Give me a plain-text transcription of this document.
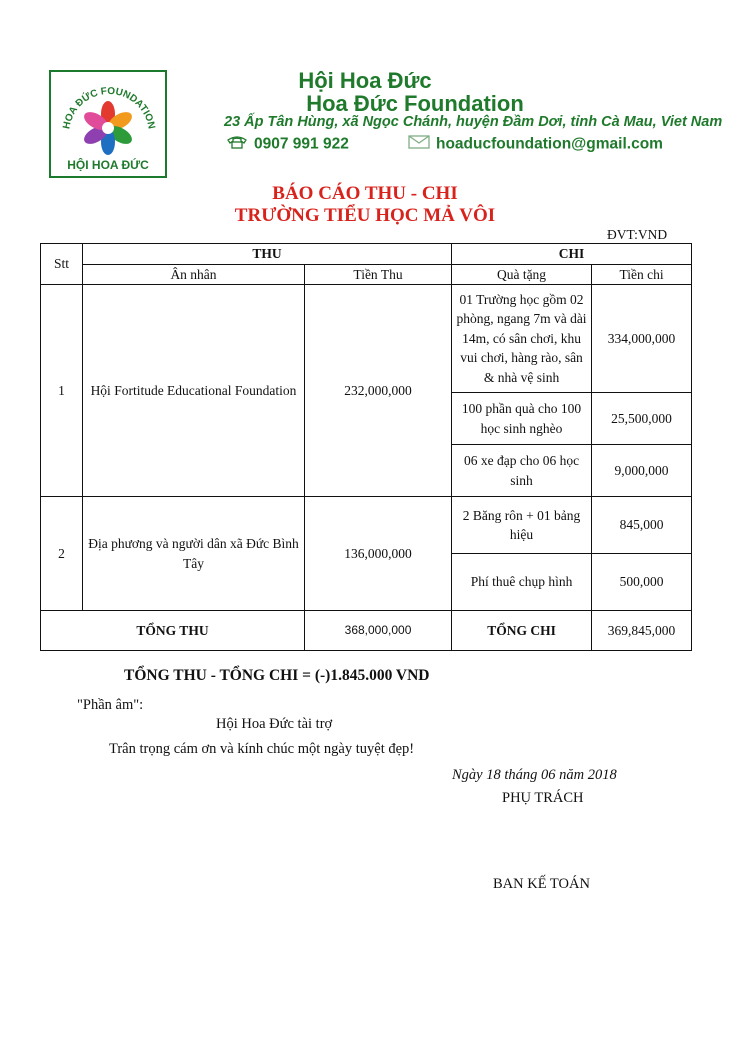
HOA ĐỨC FOUNDATION
HỘI HOA ĐỨC
Hội Hoa Đức
Hoa Đức Foundation
23 Ấp Tân Hùng, xã Ngọc Chánh, huyện Đầm Dơi, tỉnh Cà Mau, Viet Nam
0907 991 922	hoaducfoundation@gmail.com
BÁO CÁO THU - CHI
TRƯỜNG TIỂU HỌC MẢ VÔI
ĐVT:VND
Stt	THU		CHI	
	Ân nhân	Tiền Thu	Quà tặng	Tiền chi
1	Hội Fortitude Educational Foundation	232,000,000	01 Trường học gồm 02 phòng, ngang 7m và dài 14m, có sân chơi, khu vui chơi, hàng rào, sân & nhà vệ sinh	334,000,000
			100 phần quà cho 100 học sinh nghèo	25,500,000
			06 xe đạp cho 06 học sinh	9,000,000
2	Địa phương và người dân xã Đức Bình Tây	136,000,000	2 Băng rôn + 01 bảng hiệu	845,000
			Phí thuê chụp hình	500,000
TỔNG THU		368,000,000	TỔNG CHI	369,845,000
TỔNG THU - TỔNG CHI = (-)1.845.000 VND
"Phần âm":
Hội Hoa Đức tài trợ
Trân trọng cám ơn và kính chúc một ngày tuyệt đẹp!
Ngày 18 tháng 06 năm 2018
PHỤ TRÁCH
BAN KẾ TOÁN
